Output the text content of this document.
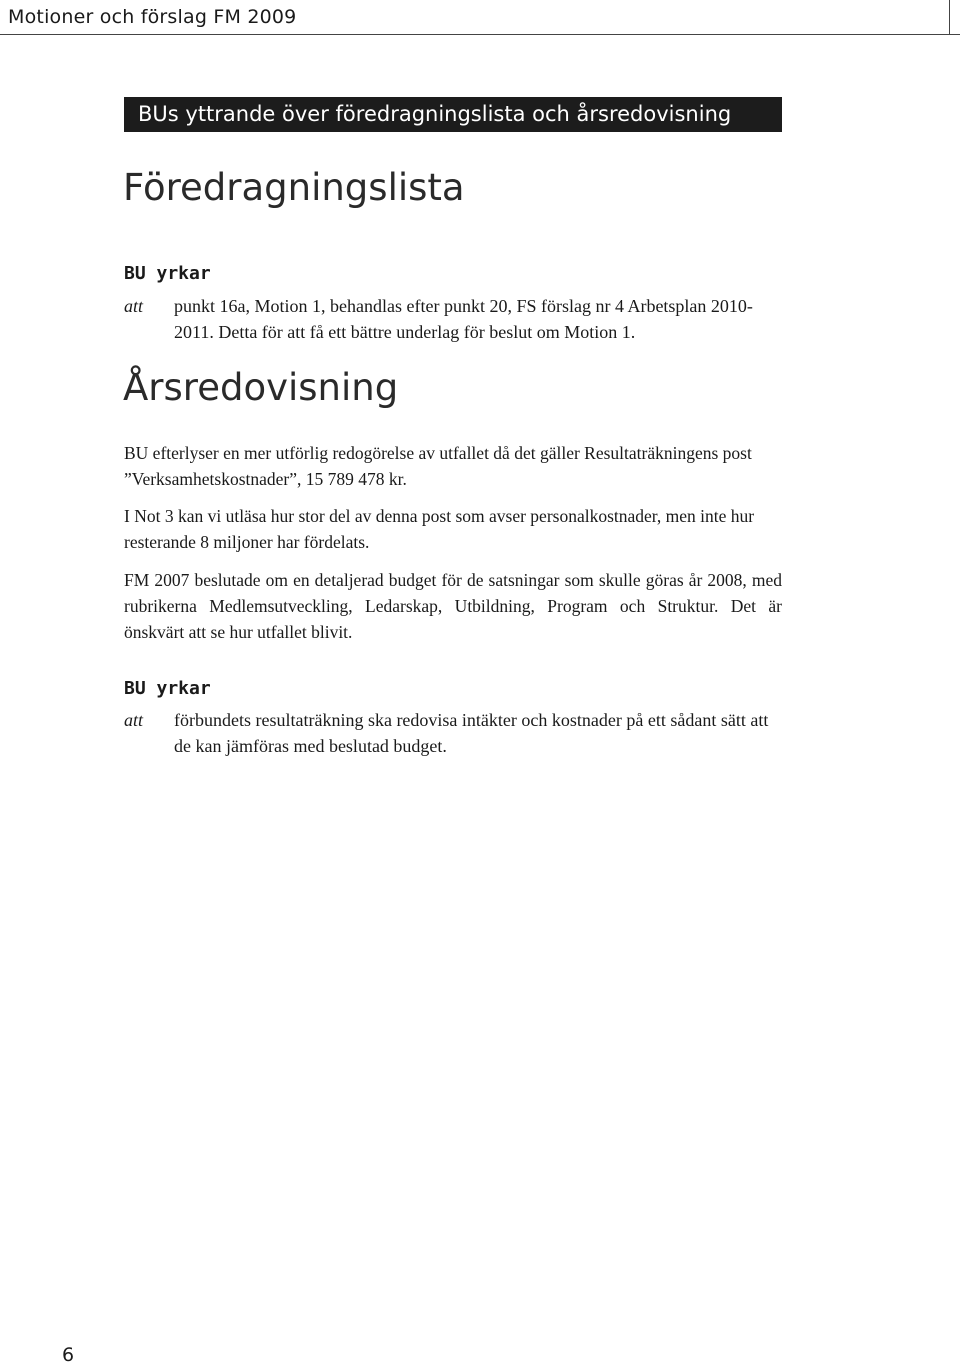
Motioner och förslag FM 2009
BUs yttrande över föredragningslista och årsredovisning
Föredragningslista
BU yrkar
att punkt 16a, Motion 1, behandlas efter punkt 20, FS förslag nr 4 Arbetsplan 2010-2011. Detta för att få ett bättre underlag för beslut om Motion 1.
Årsredovisning

BU efterlyser en mer utförlig redogörelse av utfallet då det gäller Resultaträkningens post ”Verksamhetskostnader”, 15 789 478 kr.

I Not 3 kan vi utläsa hur stor del av denna post som avser personalkostnader, men inte hur resterande 8 miljoner har fördelats.

FM 2007 beslutade om en detaljerad budget för de satsningar som skulle göras år 2008, med rubrikerna Medlemsutveckling, Ledarskap, Utbildning, Program och Struktur. Det är önskvärt att se hur utfallet blivit.

BU yrkar
att förbundets resultaträkning ska redovisa intäkter och kostnader på ett sådant sätt att de kan jämföras med beslutad budget.
6
